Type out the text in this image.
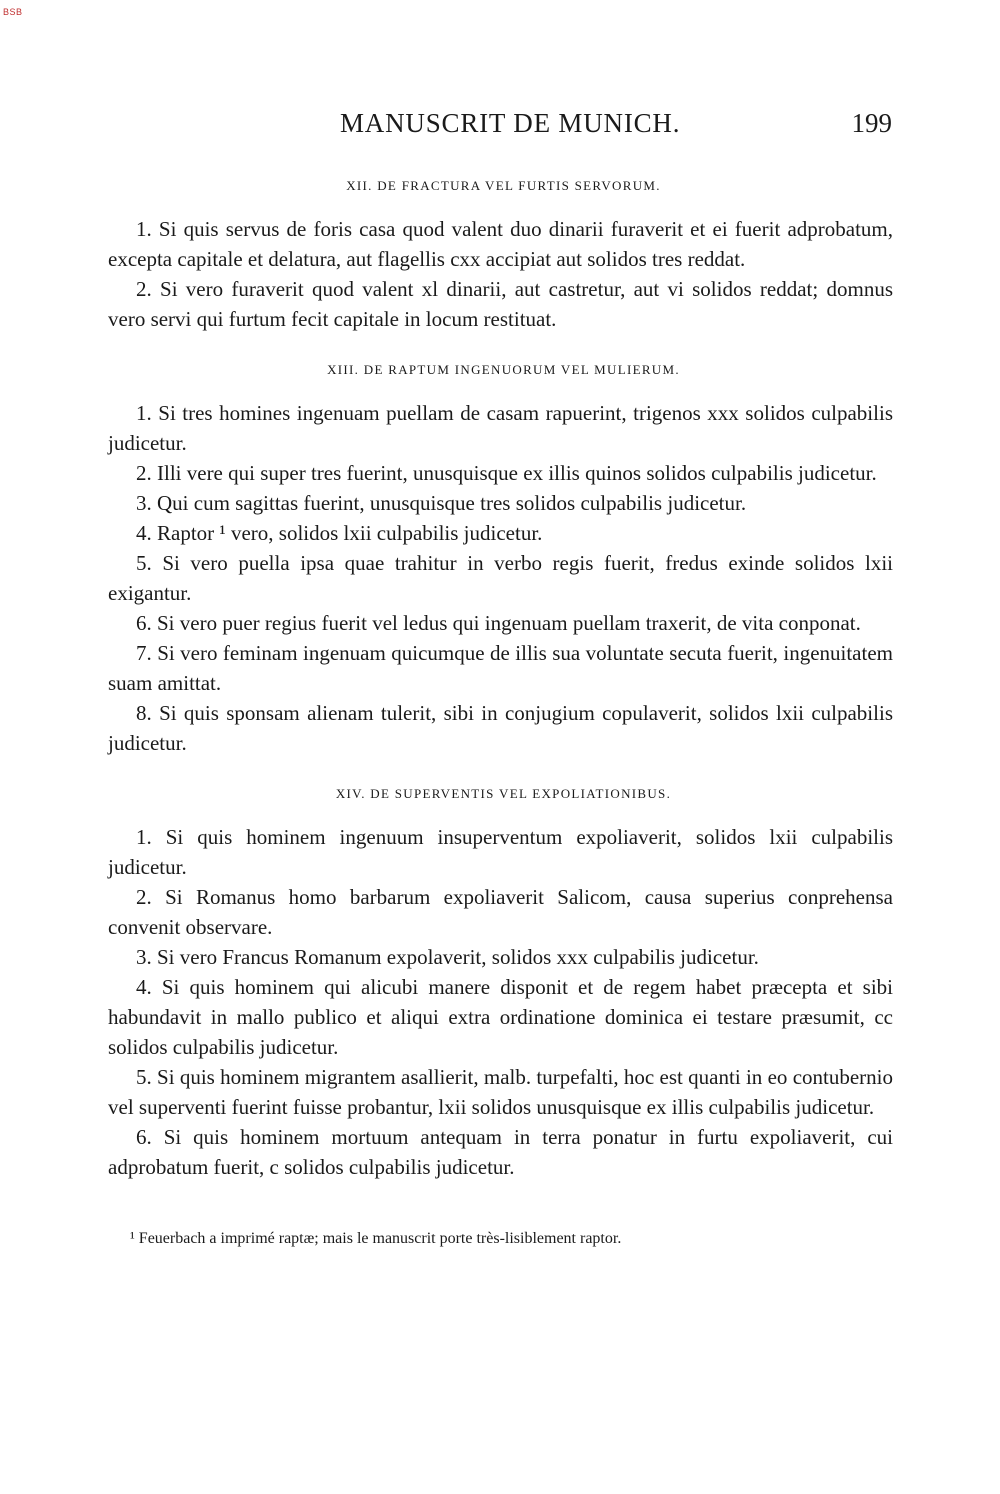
BSB
MANUSCRIT DE MUNICH.	199
XII. DE FRACTURA VEL FURTIS SERVORUM.

1. Si quis servus de foris casa quod valent duo dinarii furaverit et ei fuerit adprobatum, excepta capitale et delatura, aut flagellis cxx accipiat aut solidos tres reddat.

2. Si vero furaverit quod valent xl dinarii, aut castretur, aut vi solidos reddat; domnus vero servi qui furtum fecit capitale in locum restituat.

XIII. DE RAPTUM INGENUORUM VEL MULIERUM.

1. Si tres homines ingenuam puellam de casam rapuerint, trigenos xxx solidos culpabilis judicetur.

2. Illi vere qui super tres fuerint, unusquisque ex illis quinos solidos culpabilis judicetur.

3. Qui cum sagittas fuerint, unusquisque tres solidos culpabilis judicetur.

4. Raptor ¹ vero, solidos lxii culpabilis judicetur.

5. Si vero puella ipsa quae trahitur in verbo regis fuerit, fredus exinde solidos lxii exigantur.

6. Si vero puer regius fuerit vel ledus qui ingenuam puellam traxerit, de vita conponat.

7. Si vero feminam ingenuam quicumque de illis sua voluntate secuta fuerit, ingenuitatem suam amittat.

8. Si quis sponsam alienam tulerit, sibi in conjugium copulaverit, solidos lxii culpabilis judicetur.

XIV. DE SUPERVENTIS VEL EXPOLIATIONIBUS.

1. Si quis hominem ingenuum insuperventum expoliaverit, solidos lxii culpabilis judicetur.

2. Si Romanus homo barbarum expoliaverit Salicom, causa superius conprehensa convenit observare.

3. Si vero Francus Romanum expolaverit, solidos xxx culpabilis judicetur.

4. Si quis hominem qui alicubi manere disponit et de regem habet præcepta et sibi habundavit in mallo publico et aliqui extra ordinatione dominica ei testare præsumit, cc solidos culpabilis judicetur.

5. Si quis hominem migrantem asallierit, malb. turpefalti, hoc est quanti in eo contubernio vel superventi fuerint fuisse probantur, lxii solidos unusquisque ex illis culpabilis judicetur.

6. Si quis hominem mortuum antequam in terra ponatur in furtu expoliaverit, cui adprobatum fuerit, c solidos culpabilis judicetur.

¹ Feuerbach a imprimé raptæ; mais le manuscrit porte très-lisiblement raptor.
